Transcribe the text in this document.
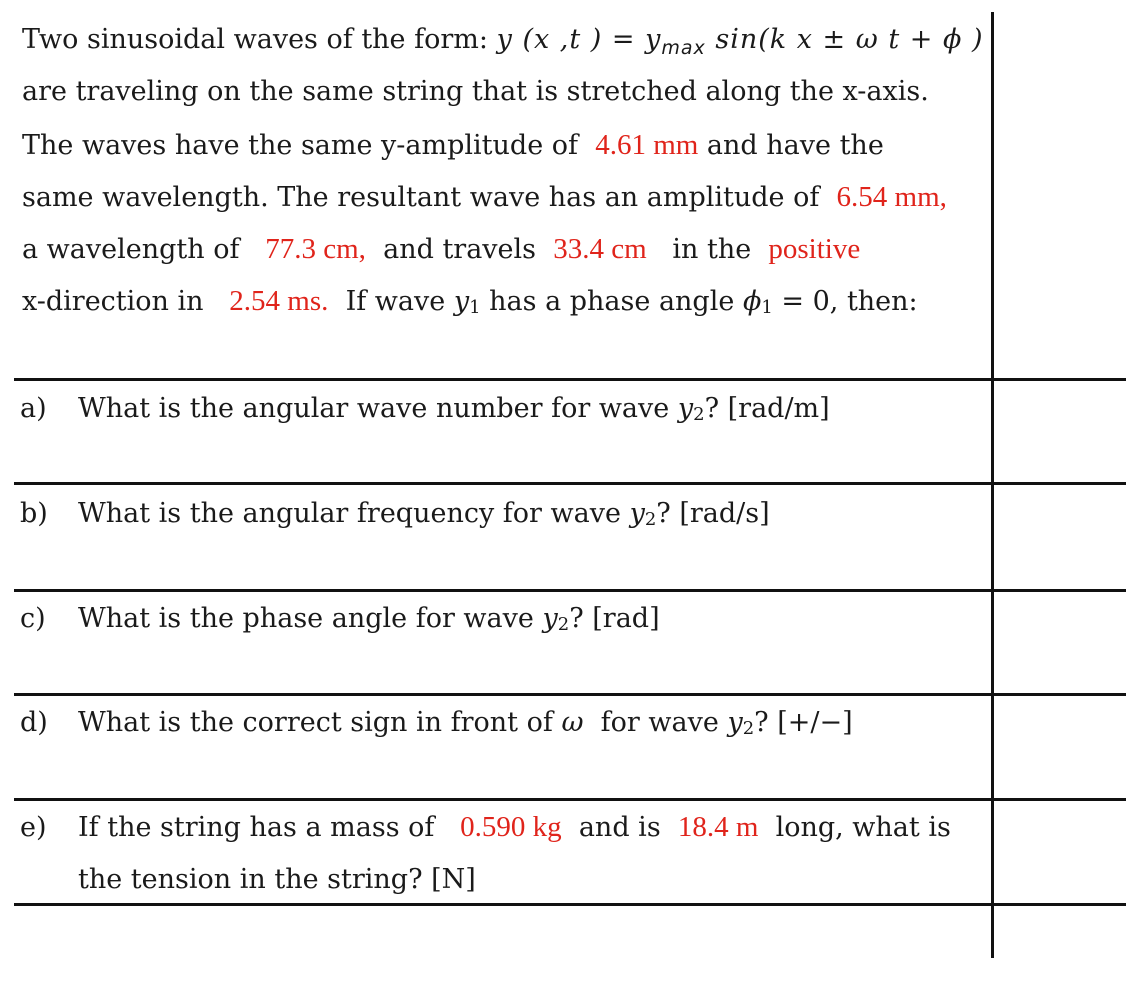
Two sinusoidal waves of the form: y (x ,t ) = $y_{max}$ sin(k x ± ω t + ϕ )
are traveling on the same string that is stretched along the x-axis.
The waves have the same y-amplitude of 4.61 mm and have the
same wavelength. The resultant wave has an amplitude of 6.54 mm,
a wavelength of 77.3 cm, and travels 33.4 cm in the positive
x-direction in 2.54 ms. If wave $y_1$ has a phase angle $\phi_1 = 0$, then:
a) What is the angular wave number for wave $y_2$? [rad/m]
b) What is the angular frequency for wave $y_2$? [rad/s]
c) What is the phase angle for wave $y_2$? [rad]
d) What is the correct sign in front of ω for wave $y_2$? [+/−]
e) If the string has a mass of 0.590 kg and is 18.4 m long, what is
the tension in the string? [N]
